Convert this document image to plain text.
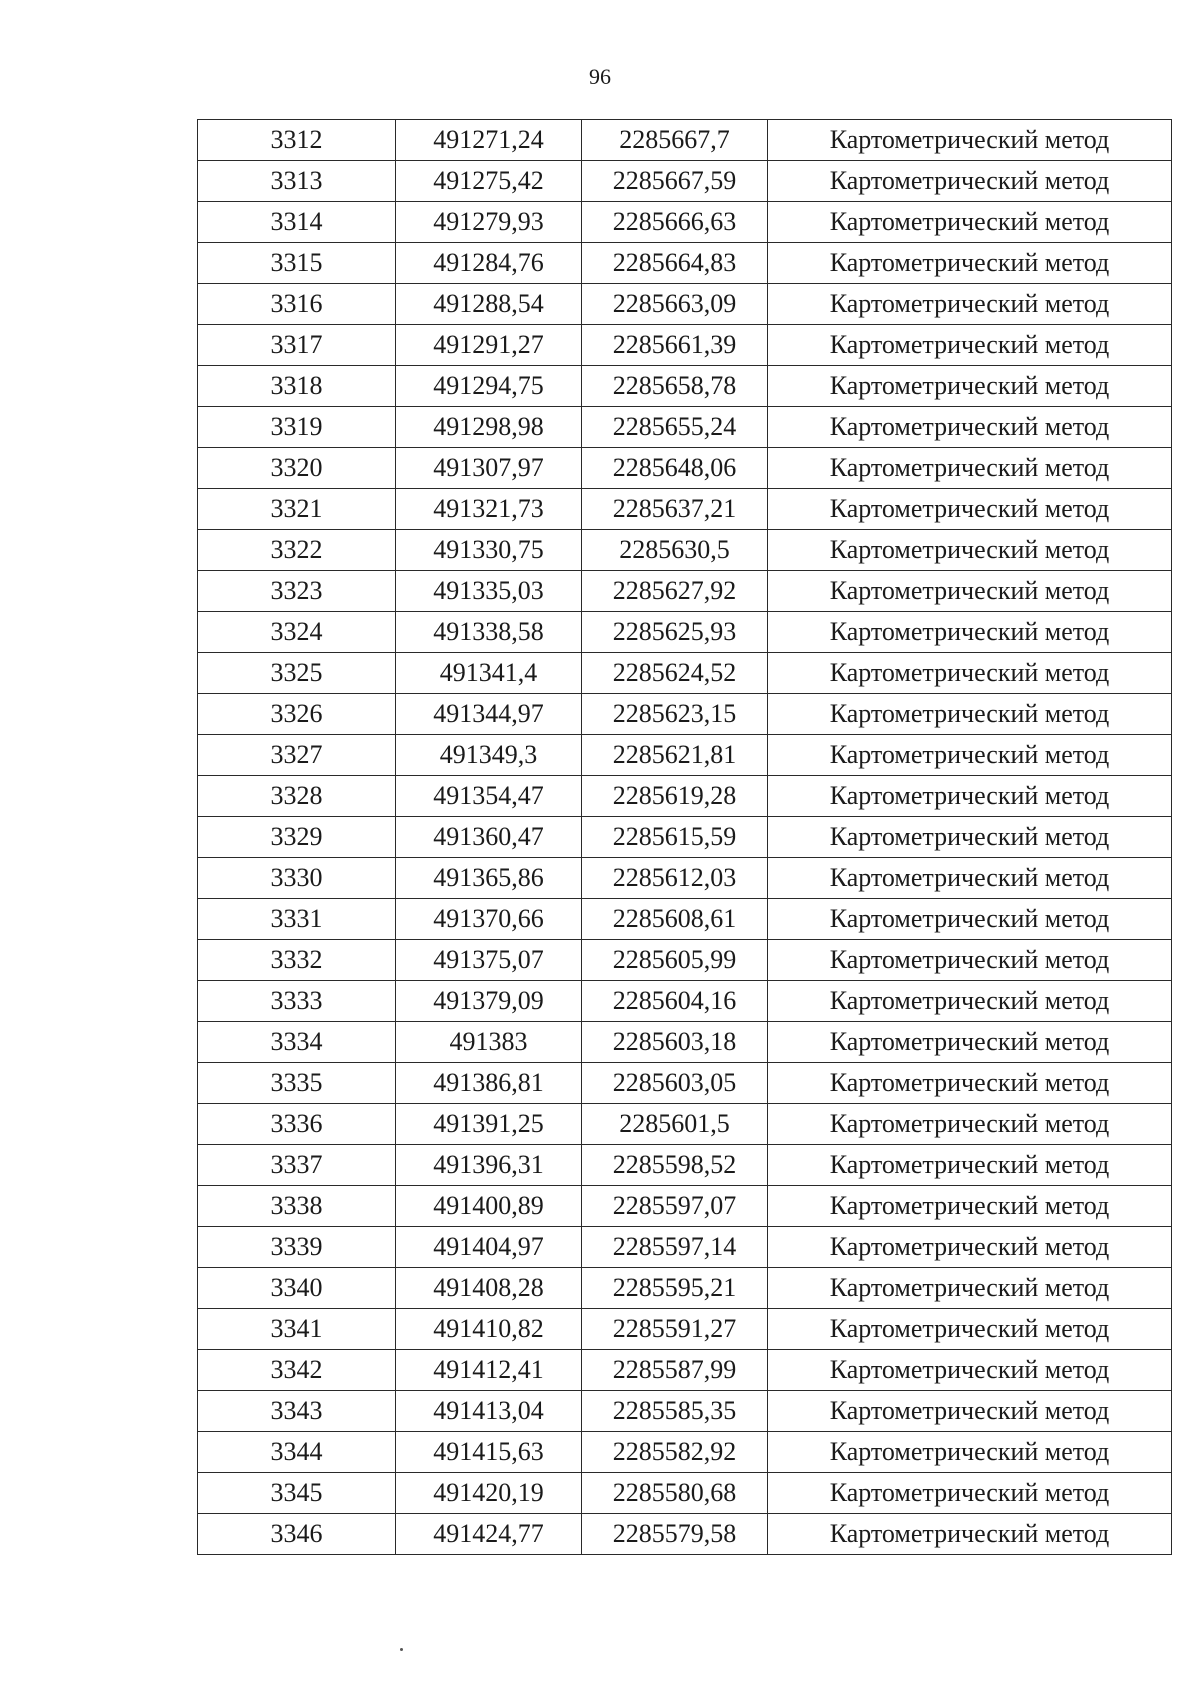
96
3312	491271,24	2285667,7	Картометрический метод
3313	491275,42	2285667,59	Картометрический метод
3314	491279,93	2285666,63	Картометрический метод
3315	491284,76	2285664,83	Картометрический метод
3316	491288,54	2285663,09	Картометрический метод
3317	491291,27	2285661,39	Картометрический метод
3318	491294,75	2285658,78	Картометрический метод
3319	491298,98	2285655,24	Картометрический метод
3320	491307,97	2285648,06	Картометрический метод
3321	491321,73	2285637,21	Картометрический метод
3322	491330,75	2285630,5	Картометрический метод
3323	491335,03	2285627,92	Картометрический метод
3324	491338,58	2285625,93	Картометрический метод
3325	491341,4	2285624,52	Картометрический метод
3326	491344,97	2285623,15	Картометрический метод
3327	491349,3	2285621,81	Картометрический метод
3328	491354,47	2285619,28	Картометрический метод
3329	491360,47	2285615,59	Картометрический метод
3330	491365,86	2285612,03	Картометрический метод
3331	491370,66	2285608,61	Картометрический метод
3332	491375,07	2285605,99	Картометрический метод
3333	491379,09	2285604,16	Картометрический метод
3334	491383	2285603,18	Картометрический метод
3335	491386,81	2285603,05	Картометрический метод
3336	491391,25	2285601,5	Картометрический метод
3337	491396,31	2285598,52	Картометрический метод
3338	491400,89	2285597,07	Картометрический метод
3339	491404,97	2285597,14	Картометрический метод
3340	491408,28	2285595,21	Картометрический метод
3341	491410,82	2285591,27	Картометрический метод
3342	491412,41	2285587,99	Картометрический метод
3343	491413,04	2285585,35	Картометрический метод
3344	491415,63	2285582,92	Картометрический метод
3345	491420,19	2285580,68	Картометрический метод
3346	491424,77	2285579,58	Картометрический метод
